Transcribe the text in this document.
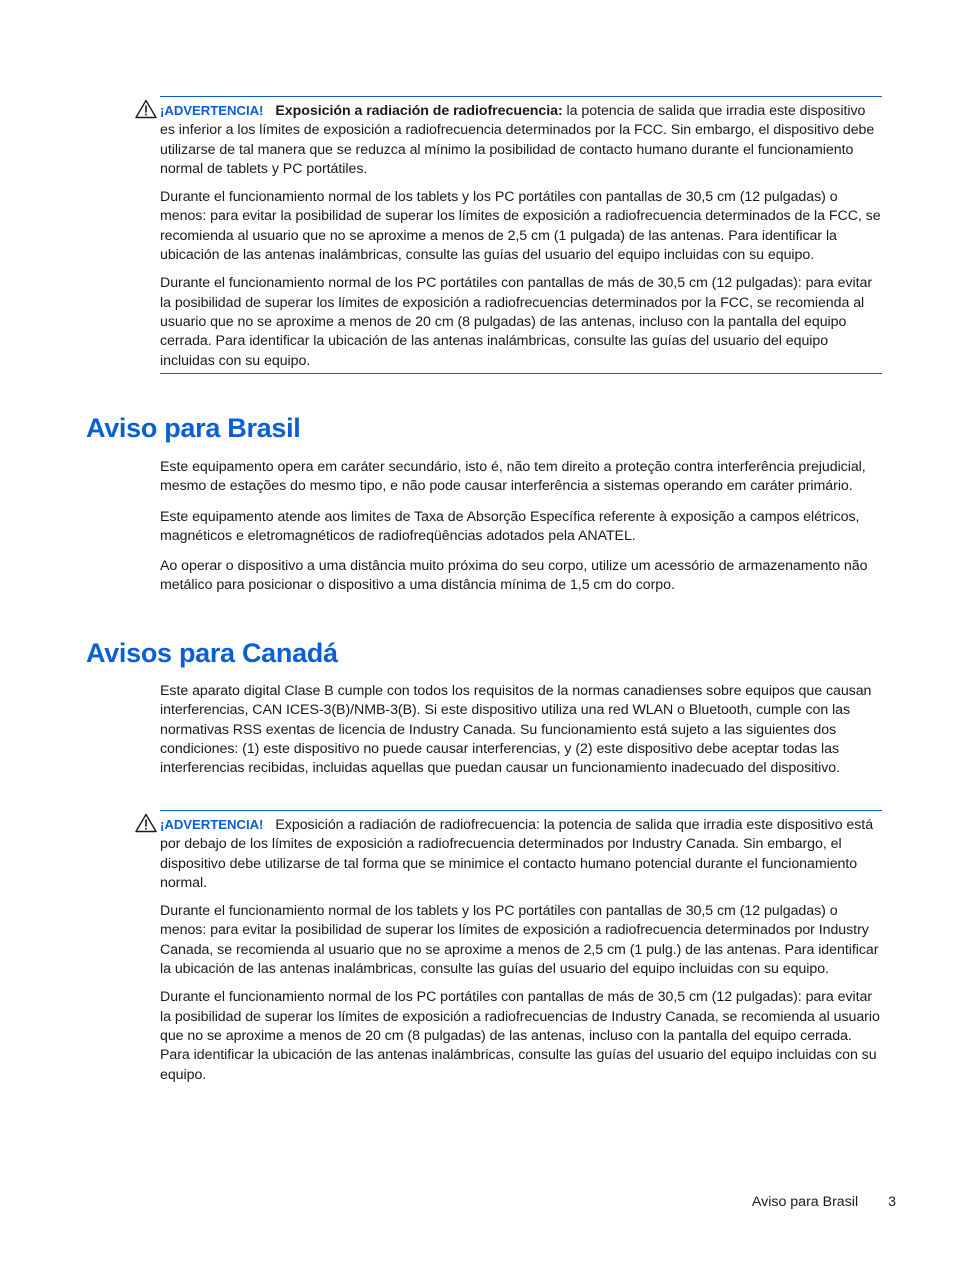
¡ADVERTENCIA! Exposición a radiación de radiofrecuencia: la potencia de salida que irradia este dispositivo es inferior a los límites de exposición a radiofrecuencia determinados por la FCC. Sin embargo, el dispositivo debe utilizarse de tal manera que se reduzca al mínimo la posibilidad de contacto humano durante el funcionamiento normal de tablets y PC portátiles.

Durante el funcionamiento normal de los tablets y los PC portátiles con pantallas de 30,5 cm (12 pulgadas) o menos: para evitar la posibilidad de superar los límites de exposición a radiofrecuencia determinados de la FCC, se recomienda al usuario que no se aproxime a menos de 2,5 cm (1 pulgada) de las antenas. Para identificar la ubicación de las antenas inalámbricas, consulte las guías del usuario del equipo incluidas con su equipo.

Durante el funcionamiento normal de los PC portátiles con pantallas de más de 30,5 cm (12 pulgadas): para evitar la posibilidad de superar los límites de exposición a radiofrecuencias determinados por la FCC, se recomienda al usuario que no se aproxime a menos de 20 cm (8 pulgadas) de las antenas, incluso con la pantalla del equipo cerrada. Para identificar la ubicación de las antenas inalámbricas, consulte las guías del usuario del equipo incluidas con su equipo.

Aviso para Brasil

Este equipamento opera em caráter secundário, isto é, não tem direito a proteção contra interferência prejudicial, mesmo de estações do mesmo tipo, e não pode causar interferência a sistemas operando em caráter primário.

Este equipamento atende aos limites de Taxa de Absorção Específica referente à exposição a campos elétricos, magnéticos e eletromagnéticos de radiofreqüências adotados pela ANATEL.

Ao operar o dispositivo a uma distância muito próxima do seu corpo, utilize um acessório de armazenamento não metálico para posicionar o dispositivo a uma distância mínima de 1,5 cm do corpo.

Avisos para Canadá

Este aparato digital Clase B cumple con todos los requisitos de la normas canadienses sobre equipos que causan interferencias, CAN ICES-3(B)/NMB-3(B). Si este dispositivo utiliza una red WLAN o Bluetooth, cumple con las normativas RSS exentas de licencia de Industry Canada. Su funcionamiento está sujeto a las siguientes dos condiciones: (1) este dispositivo no puede causar interferencias, y (2) este dispositivo debe aceptar todas las interferencias recibidas, incluidas aquellas que puedan causar un funcionamiento inadecuado del dispositivo.

¡ADVERTENCIA! Exposición a radiación de radiofrecuencia: la potencia de salida que irradia este dispositivo está por debajo de los límites de exposición a radiofrecuencia determinados por Industry Canada. Sin embargo, el dispositivo debe utilizarse de tal forma que se minimice el contacto humano potencial durante el funcionamiento normal.

Durante el funcionamiento normal de los tablets y los PC portátiles con pantallas de 30,5 cm (12 pulgadas) o menos: para evitar la posibilidad de superar los límites de exposición a radiofrecuencia determinados por Industry Canada, se recomienda al usuario que no se aproxime a menos de 2,5 cm (1 pulg.) de las antenas. Para identificar la ubicación de las antenas inalámbricas, consulte las guías del usuario del equipo incluidas con su equipo.

Durante el funcionamiento normal de los PC portátiles con pantallas de más de 30,5 cm (12 pulgadas): para evitar la posibilidad de superar los límites de exposición a radiofrecuencias de Industry Canada, se recomienda al usuario que no se aproxime a menos de 20 cm (8 pulgadas) de las antenas, incluso con la pantalla del equipo cerrada. Para identificar la ubicación de las antenas inalámbricas, consulte las guías del usuario del equipo incluidas con su equipo.

Aviso para Brasil 3
